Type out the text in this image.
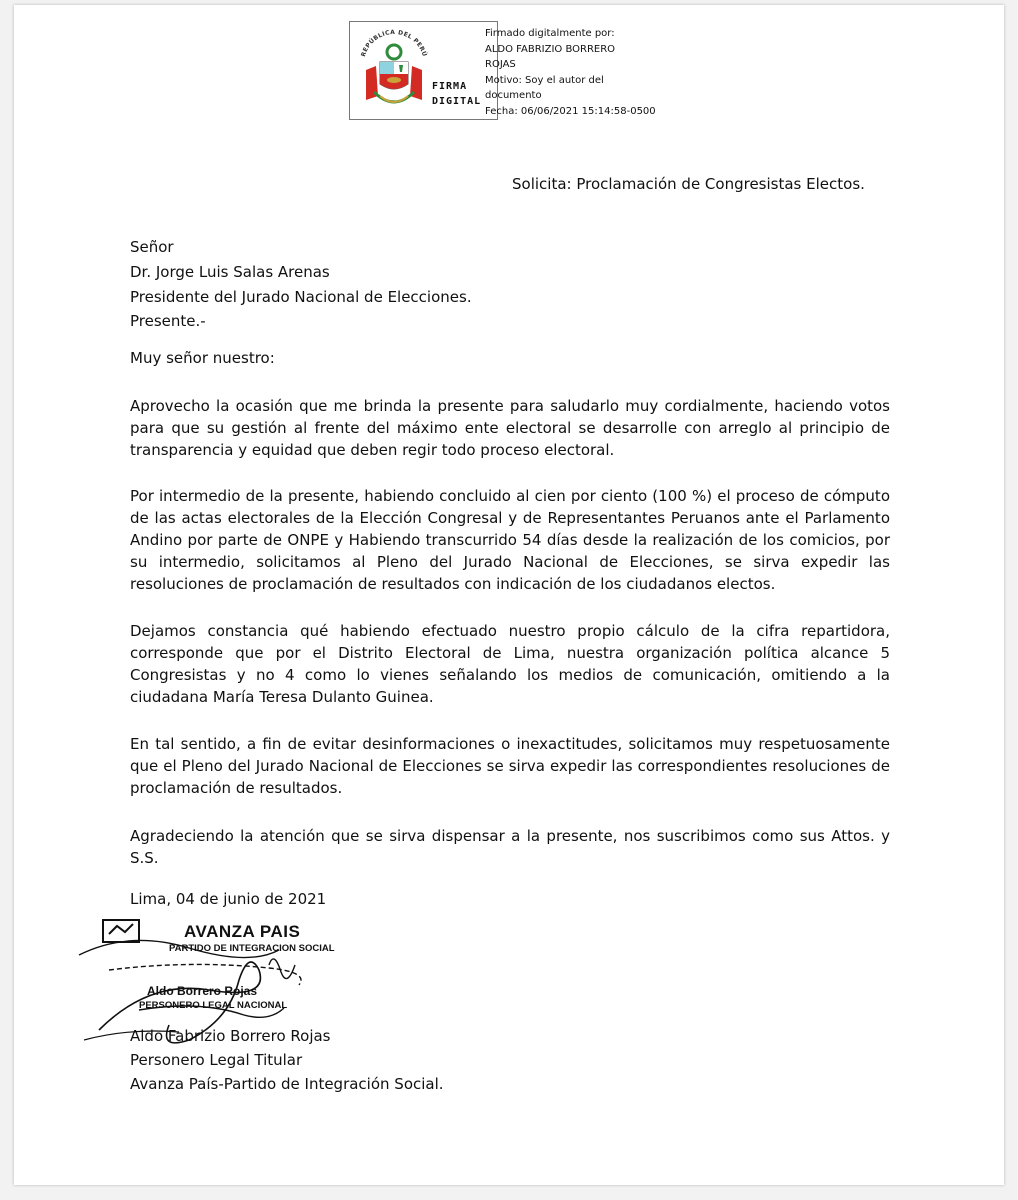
REPÚBLICA DEL PERÚ
FIRMA
DIGITAL
Firmado digitalmente por:
ALDO FABRIZIO BORRERO
ROJAS
Motivo: Soy el autor del
documento
Fecha: 06/06/2021 15:14:58-0500
Solicita: Proclamación de Congresistas Electos.
Señor
Dr. Jorge Luis Salas Arenas
Presidente del Jurado Nacional de Elecciones.
Presente.-
Muy señor nuestro:

Aprovecho la ocasión que me brinda la presente para saludarlo muy cordialmente, haciendo votos para que su gestión al frente del máximo ente electoral se desarrolle con arreglo al principio de transparencia y equidad que deben regir todo proceso electoral.

Por intermedio de la presente, habiendo concluido al cien por ciento (100 %) el proceso de cómputo de las actas electorales de la Elección Congresal y de Representantes Peruanos ante el Parlamento Andino por parte de ONPE y Habiendo transcurrido 54 días desde la realización de los comicios, por su intermedio, solicitamos al Pleno del Jurado Nacional de Elecciones, se sirva expedir las resoluciones de proclamación de resultados con indicación de los ciudadanos electos.

Dejamos constancia qué habiendo efectuado nuestro propio cálculo de la cifra repartidora, corresponde que por el Distrito Electoral de Lima, nuestra organización política alcance 5 Congresistas y no 4 como lo vienes señalando los medios de comunicación, omitiendo a la ciudadana María Teresa Dulanto Guinea.

En tal sentido, a fin de evitar desinformaciones o inexactitudes, solicitamos muy respetuosamente que el Pleno del Jurado Nacional de Elecciones se sirva expedir las correspondientes resoluciones de proclamación de resultados.

Agradeciendo la atención que se sirva dispensar a la presente, nos suscribimos como sus Attos. y S.S.

Lima, 04 de junio de 2021
AVANZA PAIS
PARTIDO DE INTEGRACION SOCIAL
Aldo Borrero Rojas
PERSONERO LEGAL NACIONAL
Aldo Fabrizio Borrero Rojas
Personero Legal Titular
Avanza País-Partido de Integración Social.
